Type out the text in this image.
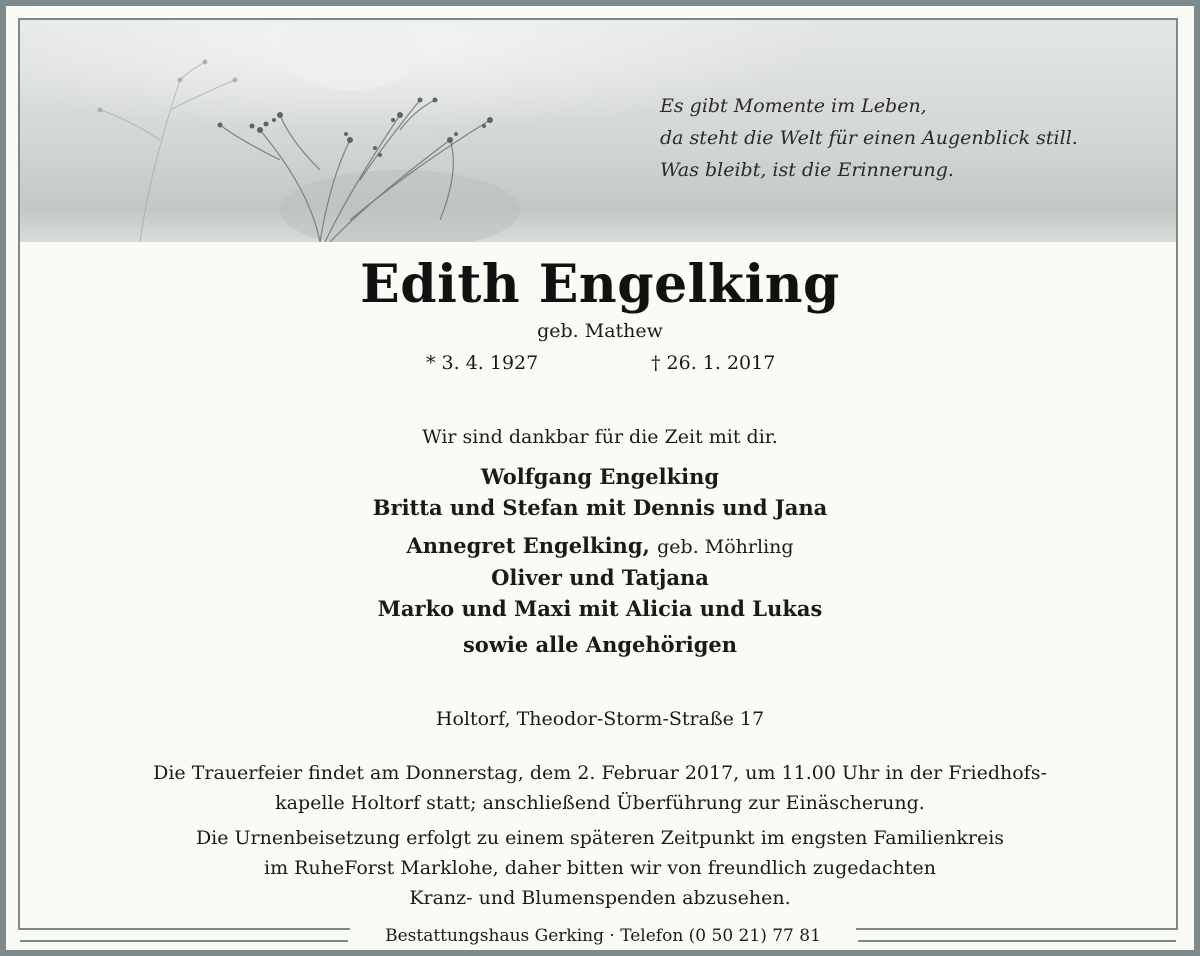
Es gibt Momente im Leben,
da steht die Welt für einen Augenblick still.
Was bleibt, ist die Erinnerung.
Edith Engelking
geb. Mathew
* 3. 4. 1927	† 26. 1. 2017
Wir sind dankbar für die Zeit mit dir.
Wolfgang Engelking
Britta und Stefan mit Dennis und Jana
Annegret Engelking, geb. Möhrling
Oliver und Tatjana
Marko und Maxi mit Alicia und Lukas
sowie alle Angehörigen
Holtorf, Theodor-Storm-Straße 17
Die Trauerfeier findet am Donnerstag, dem 2. Februar 2017, um 11.00 Uhr in der Friedhofs-
kapelle Holtorf statt; anschließend Überführung zur Einäscherung.
Die Urnenbeisetzung erfolgt zu einem späteren Zeitpunkt im engsten Familienkreis
im RuheForst Marklohe, daher bitten wir von freundlich zugedachten
Kranz- und Blumenspenden abzusehen.
Bestattungshaus Gerking · Telefon (0 50 21) 77 81
